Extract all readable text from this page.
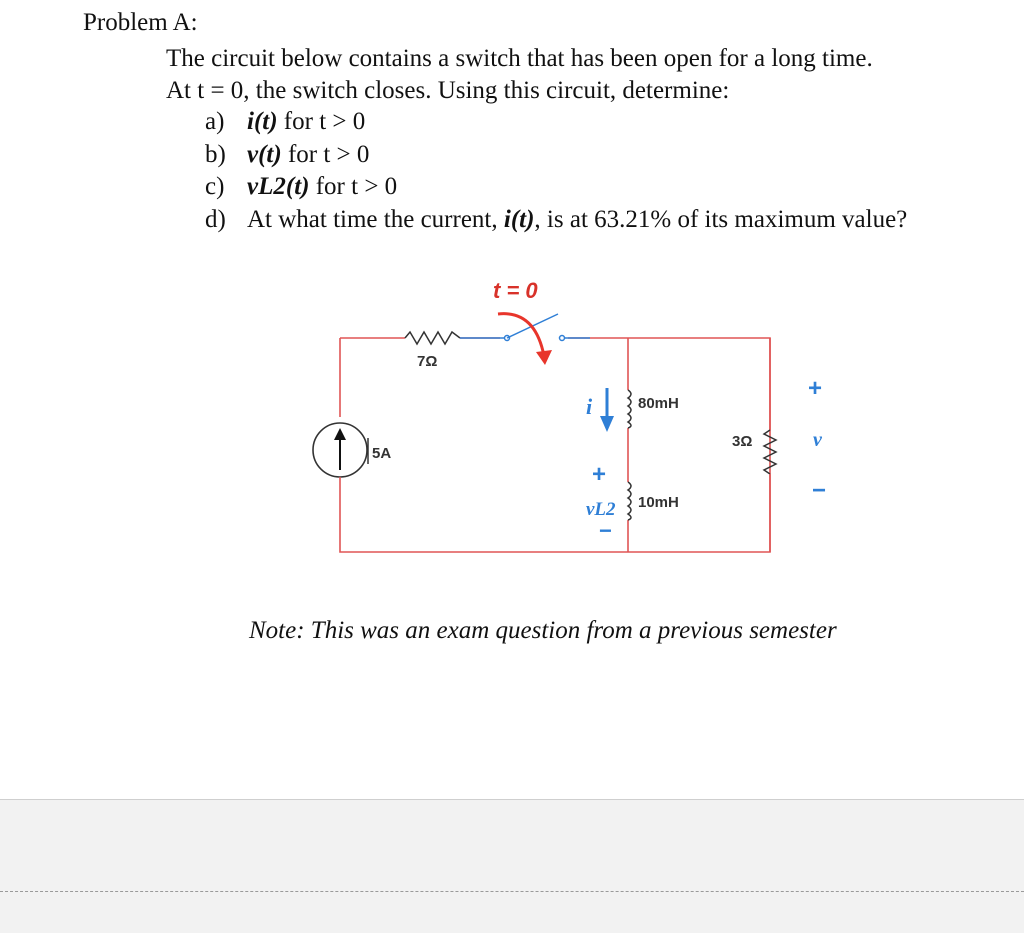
Problem A:
The circuit below contains a switch that has been open for a long time.
At t = 0, the switch closes. Using this circuit, determine:
a) i(t) for t > 0
b) v(t) for t > 0
c) vL2(t) for t > 0
d) At what time the current, i(t), is at 63.21% of its maximum value?
7Ω
t = 0
5A
i	80mH
10mH
+
vL2
−
3Ω
+
v
−
Note: This was an exam question from a previous semester
